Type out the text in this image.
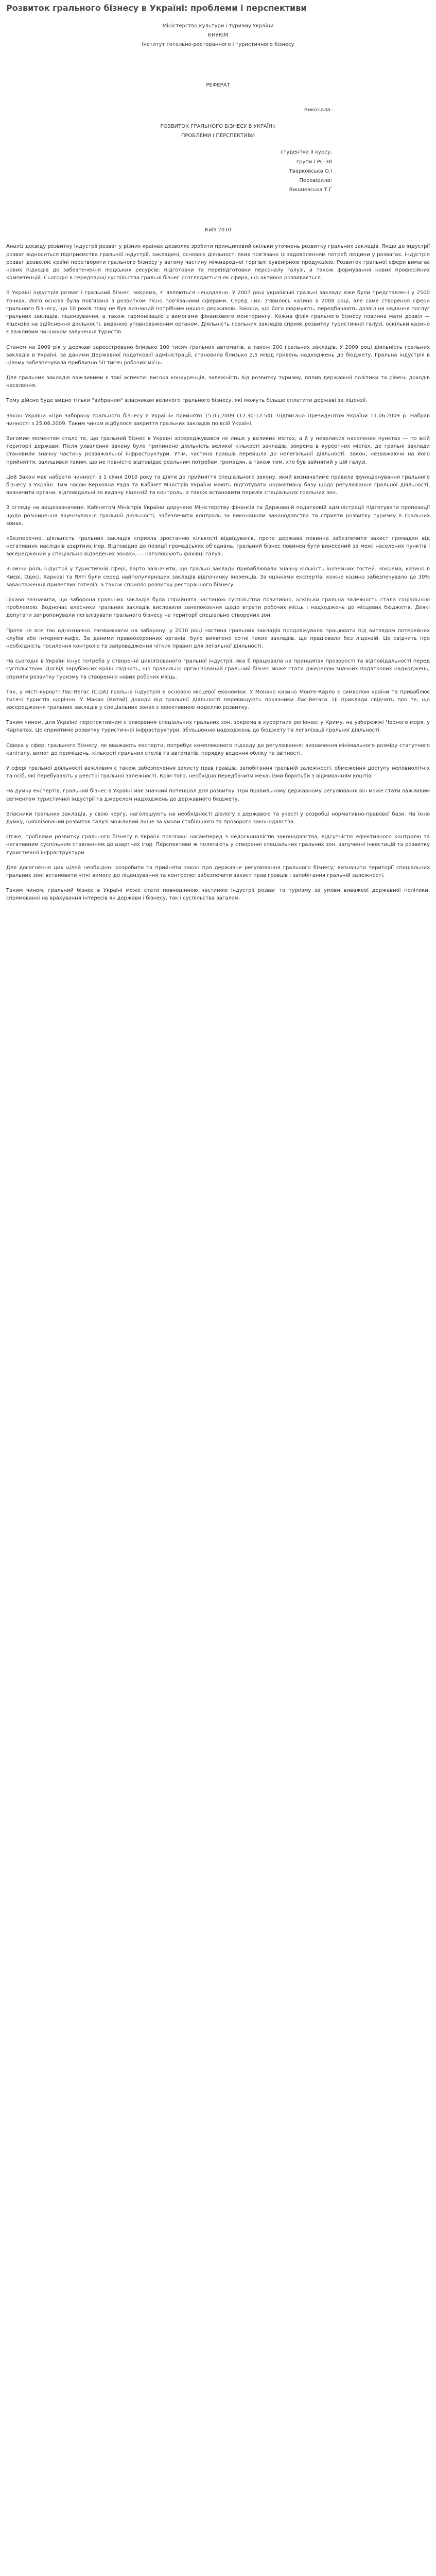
Розвиток грального бізнесу в Україні: проблеми і перспективи
Міністерство культури і туризму України
КНУКіМ
Інститут готельно-ресторанного і туристичного бізнесу
РЕФЕРАТ
Виконала:
РОЗВИТОК ГРАЛЬНОГО БІЗНЕСУ В УКРАЇНІ:
ПРОБЛЕМИ І ПЕРСПЕКТИВИ
студентка ІІ курсу,
групи ГРС-38
Тварковська О.І
Перевірила:
Вишневська Т.Г
Київ 2010

Аналіз досвіду розвитку індустрії розваг у різних країнах дозволяє зробити принциповий скільки уточнень розвитку гральних закладів. Якщо до індустрії розваг відноситься підприємства гральної індустрії, закладені, основою діяльності яких пов'язано із задоволенням потреб людини у розвагах. Індустрія розваг дозволяє країні перетворити грального бізнесу у вагому частину міжнародної торгівлі сувенірною продукцією. Розвиток гральної сфери вимагає нових підходів до забезпечення людських ресурсів: підготовки та перепідготовки персоналу галузі, а також формування нових професійних компетенцій. Сьогодні в середовищі суспільства гральні бізнес розглядається як сфера, що активно розвивається.

В Україні індустрія розваг і гральний бізнес, зокрема, з' являються нещодавно. У 2007 році українські гральні заклади вже були представлені у 2500 точках. Його основа була пов'язана з розвитком тісно пов'язаними сферами. Серед них: з'явилось казино в 2008 році, але саме створення сфери грального бізнесу, що 10 років тому не був визнаний потрібним нашою державою. Закони, що його формують, передбачають дозвіл на надання послуг гральних закладів, ліцензування, а також гармонізацію з вимогами фінансового моніторингу. Кожна філія грального бізнесу повинна мати дозвіл — ліцензію на здійснення діяльності, виданою уповноваженим органом. Діяльність гральних закладів сприяє розвитку туристичної галузі, оскільки казино є важливим чинником залучення туристів.

Станом на 2009 рік у державі зареєстровано близько 100 тисяч гральних автоматів, а також 200 гральних закладів. У 2009 році діяльність гральних закладів в Україні, за даними Державної податкової адміністрації, становила близько 2,5 млрд гривень надходжень до бюджету. Гральна індустрія в цілому забезпечувала приблизно 50 тисяч робочих місць.

Для гральних закладів важливими є такі аспекти: висока конкуренція, залежність від розвитку туризму, вплив державної політики та рівень доходів населення.

Тому дійсно буде видно тільки "вибраним" власникам великого грального бізнесу, які можуть більше сплатити державі за ліцензії.

Закон України «Про заборону грального бізнесу в Україні» прийнято 15.05.2009 (12.30-12:54). Підписано Президентом України 11.06.2009 р. Набрав чинності з 25.06.2009. Таким чином відбулося закриття гральних закладів по всій Україні.

Вагомим моментом стало те, що гральний бізнес в Україні зосереджувався не лише у великих містах, а й у невеликих населених пунктах — по всій території держави. Після ухвалення закону було припинено діяльність великої кількості закладів, зокрема в курортних містах, де гральні заклади становили значну частину розважальної інфраструктури. Утім, частина гравців перейшла до нелегальної діяльності. Закон, незважаючи на його прийняття, залишився таким, що не повністю відповідає реальним потребам громадян, а також тим, хто був зайнятий у цій галузі.

Цей Закон має набрати чинності з 1 січня 2010 року та діяти до прийняття спеціального закону, який визначатиме правила функціонування грального бізнесу в Україні. Тим часом Верховна Рада та Кабінет Міністрів України мають підготувати нормативну базу щодо регулювання гральної діяльності, визначити органи, відповідальні за видачу ліцензій та контроль, а також встановити перелік спеціальних гральних зон.

З огляду на вищезазначене, Кабінетом Міністрів України доручено Міністерству фінансів та Державній податковій адміністрації підготувати пропозиції щодо розширення ліцензування гральної діяльності, забезпечити контроль за виконанням законодавства та сприяти розвитку туризму в гральних зонах.

«Безперечно, діяльність гральних закладів сприяла зростанню кількості відвідувачів, проте держава повинна забезпечити захист громадян від негативних наслідків азартних ігор. Відповідно до позиції громадських об'єднань, гральний бізнес повинен бути винесений за межі населених пунктів і зосереджений у спеціально відведених зонах», — наголошують фахівці галузі.

Знаючи роль індустрії у туристичній сфері, варто зазначити, що гральні заклади приваблювали значну кількість іноземних гостей. Зокрема, казино в Києві, Одесі, Харкові та Ялті були серед найпопулярніших закладів відпочинку іноземців. За оцінками експертів, кожне казино забезпечувало до 30% завантаження прилеглих готелів, а також сприяло розвитку ресторанного бізнесу.

Цікаво зазначити, що заборона гральних закладів була сприйнята частиною суспільства позитивно, оскільки гральна залежність стала соціальною проблемою. Водночас власники гральних закладів висловили занепокоєння щодо втрати робочих місць і надходжень до місцевих бюджетів. Деякі депутати запропонували легалізувати грального бізнесу на території спеціально створених зон.

Проте не все так однозначно. Незважаючи на заборону, у 2010 році частина гральних закладів продовжувала працювати під виглядом лотерейних клубів або інтернет-кафе. За даними правоохоронних органів, було виявлено сотні таких закладів, що працювали без ліцензій. Це свідчить про необхідність посилення контролю та запровадження чітких правил для легальної діяльності.

На сьогодні в Україні існує потреба у створенні цивілізованого гральної індустрії, яка б працювала на принципах прозорості та відповідальності перед суспільством. Досвід зарубіжних країн свідчить, що правильно організований гральний бізнес може стати джерелом значних податкових надходжень, сприяти розвитку туризму та створенню нових робочих місць.

Так, у місті-курорті Лас-Вегас (США) гральна індустрія є основою місцевої економіки. У Монако казино Монте-Карло є символом країни та приваблює тисячі туристів щорічно. У Макао (Китай) доходи від гральної діяльності перевищують показники Лас-Вегаса. Ці приклади свідчать про те, що зосередження гральних закладів у спеціальних зонах є ефективною моделлю розвитку.

Таким чином, для України перспективним є створення спеціальних гральних зон, зокрема в курортних регіонах: у Криму, на узбережжі Чорного моря, у Карпатах. Це сприятиме розвитку туристичної інфраструктури, збільшенню надходжень до бюджету та легалізації гральної діяльності.

Сфера у сфері грального бізнесу, як вважають експерти, потребує комплексного підходу до регулювання: визначення мінімального розміру статутного капіталу, вимог до приміщень, кількості гральних столів та автоматів, порядку ведення обліку та звітності.

У сфері гральної діяльності важливим є також забезпечення захисту прав гравців, запобігання гральній залежності, обмеження доступу неповнолітніх та осіб, які перебувають у реєстрі гральної залежності. Крім того, необхідно передбачити механізми боротьби з відмиванням коштів.

На думку експертів, гральний бізнес в Україні має значний потенціал для розвитку. При правильному державному регулюванні він може стати важливим сегментом туристичної індустрії та джерелом надходжень до державного бюджету.

Власники гральних закладів, у свою чергу, наголошують на необхідності діалогу з державою та участі у розробці нормативно-правової бази. На їхню думку, цивілізований розвиток галузі можливий лише за умови стабільного та прозорого законодавства.

Отже, проблеми розвитку грального бізнесу в Україні пов'язані насамперед з недосконалістю законодавства, відсутністю ефективного контролю та негативним суспільним ставленням до азартних ігор. Перспективи ж полягають у створенні спеціальних гральних зон, залученні інвестицій та розвитку туристичної інфраструктури.

Для досягнення цих цілей необхідно: розробити та прийняти закон про державне регулювання грального бізнесу; визначити території спеціальних гральних зон; встановити чіткі вимоги до ліцензування та контролю; забезпечити захист прав гравців і запобігання гральній залежності.

Таким чином, гральний бізнес в Україні може стати повноцінною частиною індустрії розваг та туризму за умови виважеої державної політики, спрямованої на врахування інтересів як держави і бізнесу, так і суспільства загалом.
